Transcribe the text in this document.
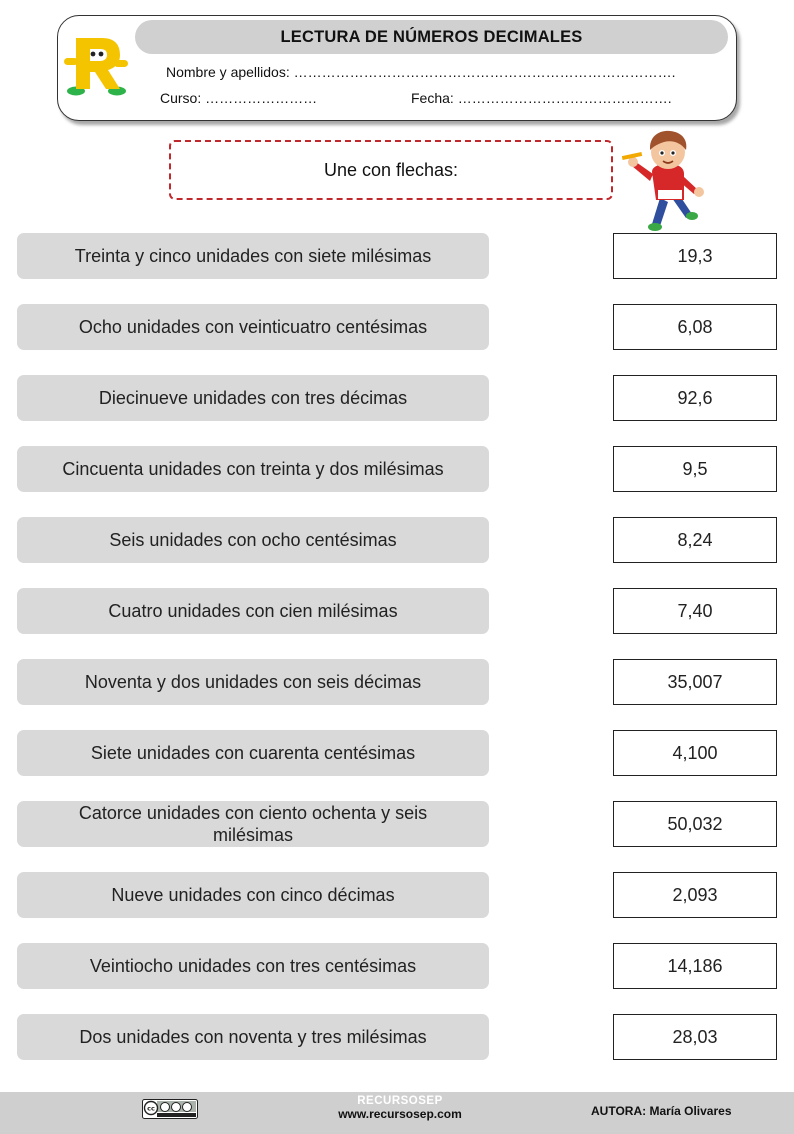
LECTURA DE NÚMEROS DECIMALES
R
Nombre y apellidos: ……………………………………………………………………….
Curso: ……………………	Fecha: ……………………………………….
Une con flechas:
Treinta y cinco unidades con siete milésimas
Ocho unidades con veinticuatro centésimas
Diecinueve unidades con tres décimas
Cincuenta unidades con treinta y dos milésimas
Seis unidades con ocho centésimas
Cuatro unidades con cien milésimas
Noventa y dos unidades con seis décimas
Siete unidades con cuarenta centésimas
Catorce unidades con ciento ochenta y seis milésimas
Nueve unidades con cinco décimas
Veintiocho unidades con tres centésimas
Dos unidades con noventa y tres milésimas
19,3
6,08
92,6
9,5
8,24
7,40
35,007
4,100
50,032
2,093
14,186
28,03
cc
RECURSOSEP
www.recursosep.com	AUTORA: María Olivares
